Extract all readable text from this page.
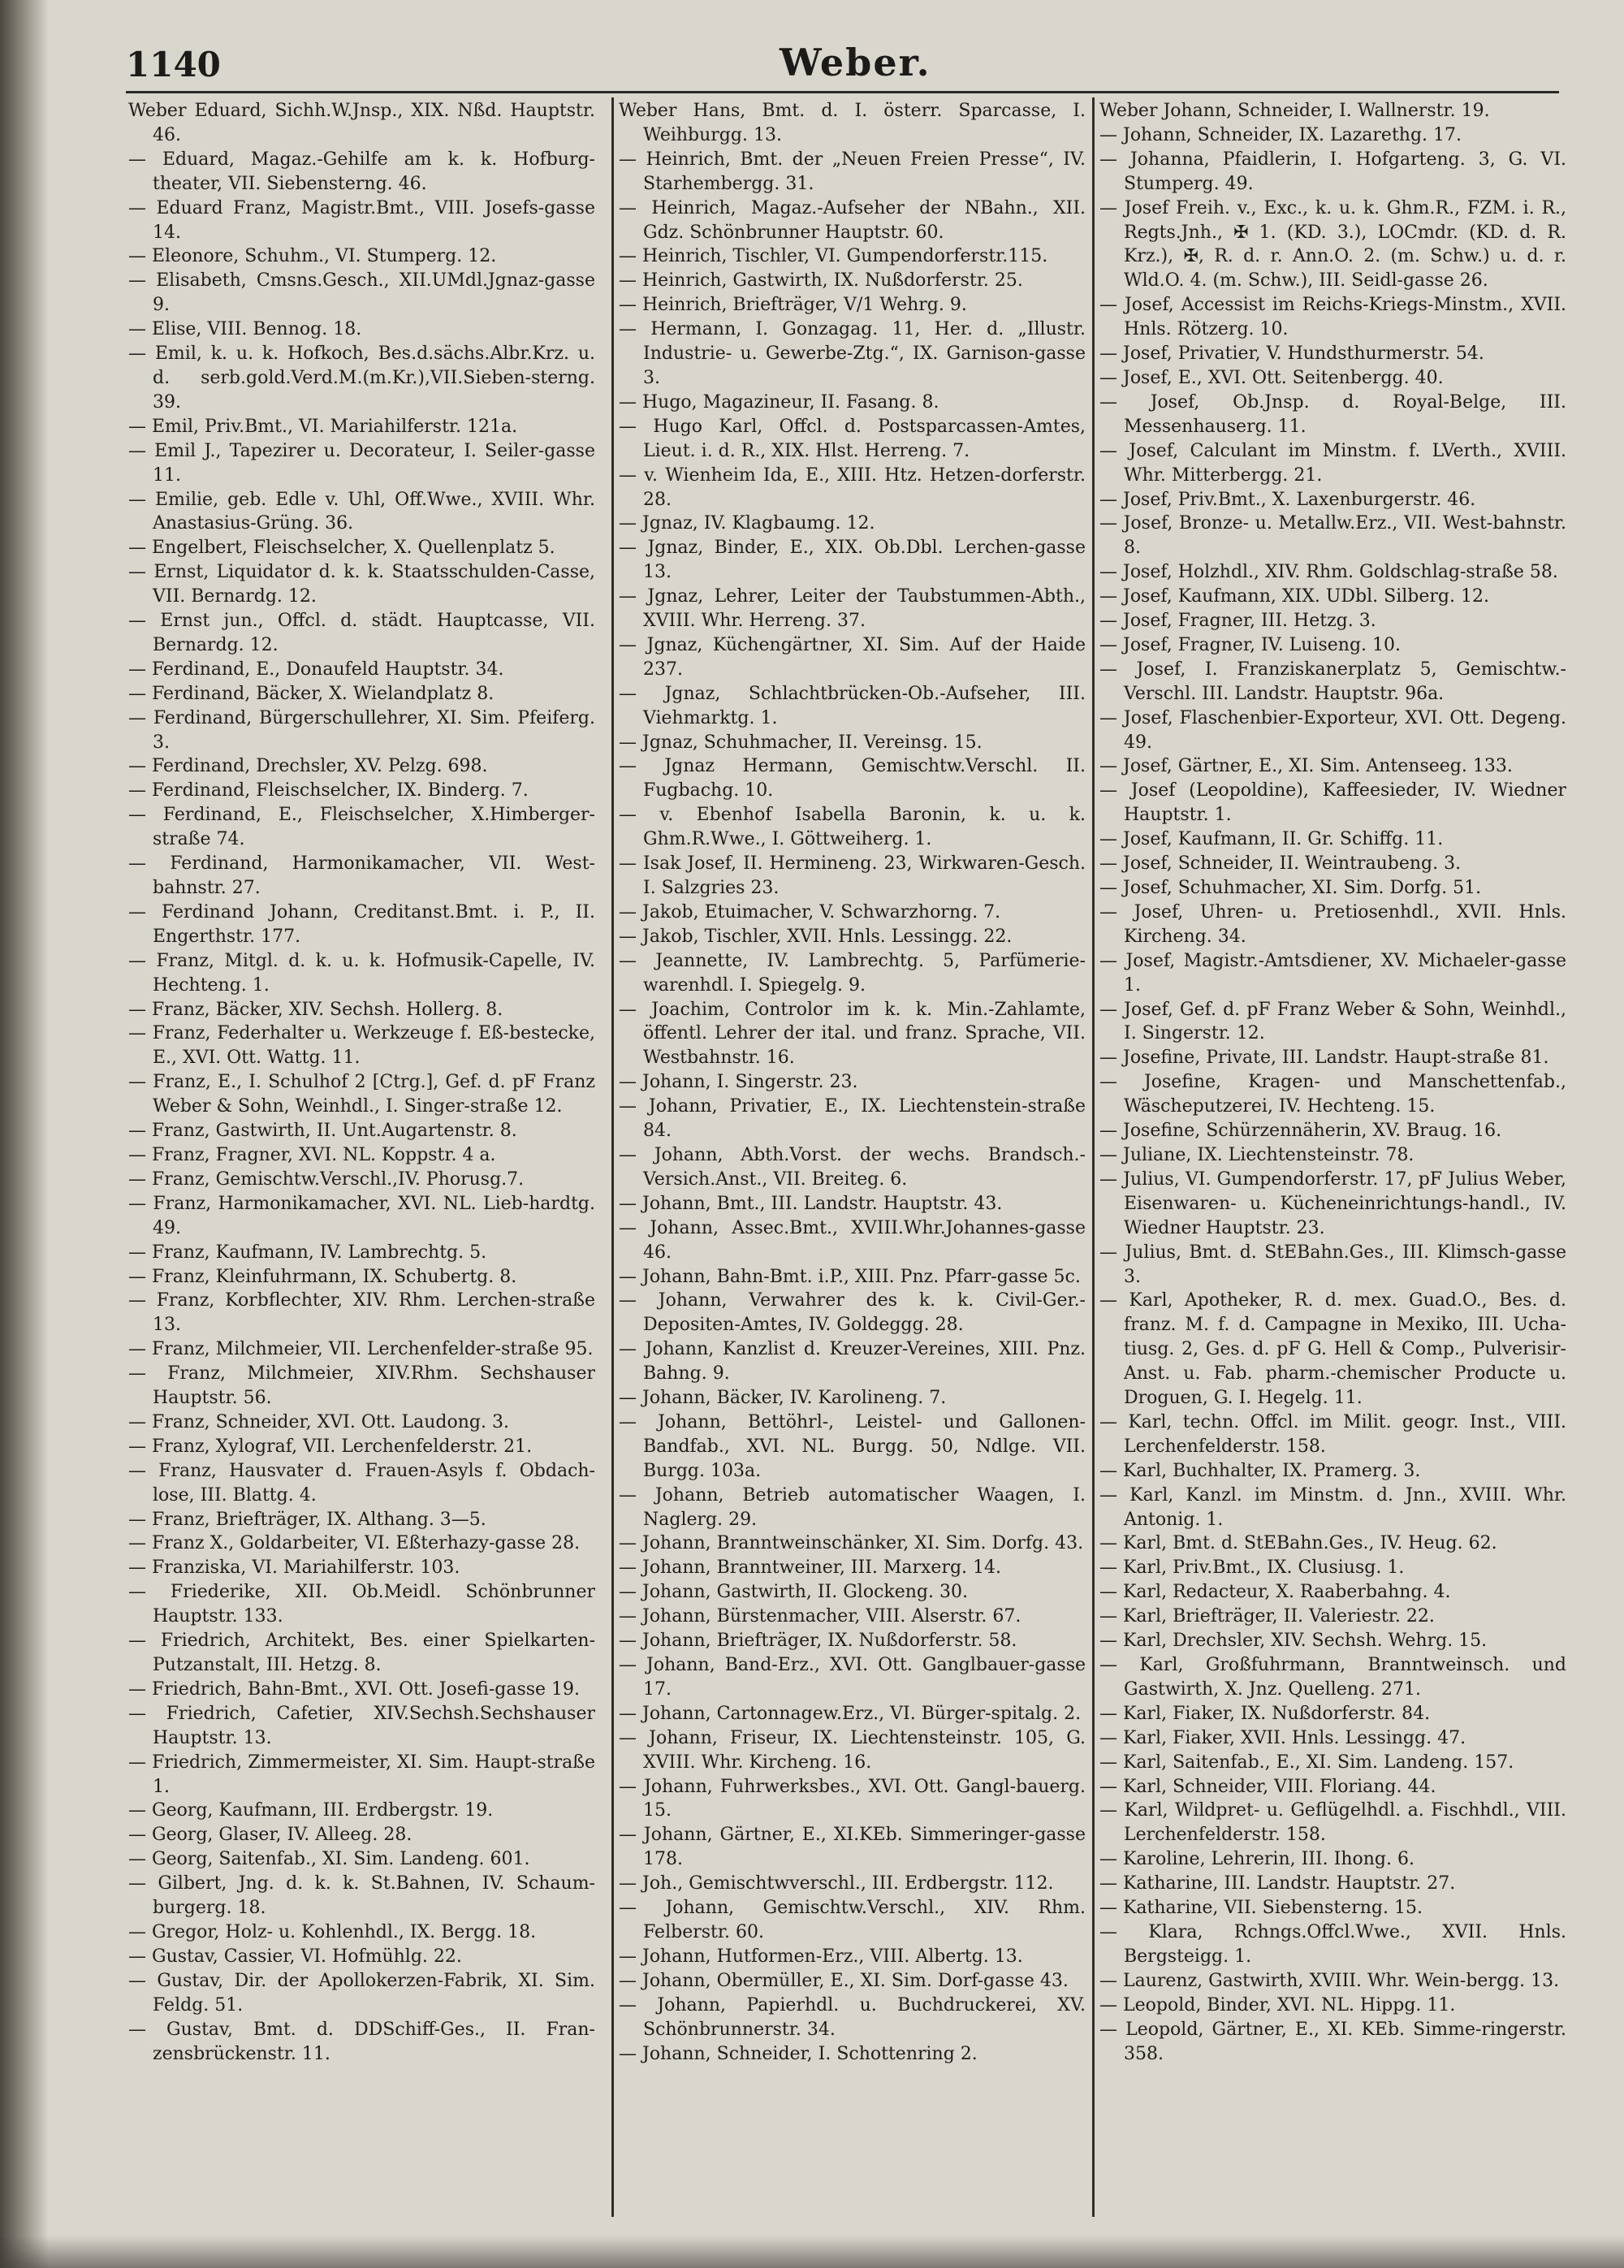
1140	Weber.

Weber Eduard, Sichh.W.Jnsp., XIX. Nßd. Hauptstr. 46.

— Eduard, Magaz.-Gehilfe am k. k. Hofburg-theater, VII. Siebensterng. 46.

— Eduard Franz, Magistr.Bmt., VIII. Josefs-gasse 14.

— Eleonore, Schuhm., VI. Stumperg. 12.

— Elisabeth, Cmsns.Gesch., XII.UMdl.Jgnaz-gasse 9.

— Elise, VIII. Bennog. 18.

— Emil, k. u. k. Hofkoch, Bes.d.sächs.Albr.Krz. u. d. serb.gold.Verd.M.(m.Kr.),VII.Sieben-sterng. 39.

— Emil, Priv.Bmt., VI. Mariahilferstr. 121a.

— Emil J., Tapezirer u. Decorateur, I. Seiler-gasse 11.

— Emilie, geb. Edle v. Uhl, Off.Wwe., XVIII. Whr. Anastasius-Grüng. 36.

— Engelbert, Fleischselcher, X. Quellenplatz 5.

— Ernst, Liquidator d. k. k. Staatsschulden-Casse, VII. Bernardg. 12.

— Ernst jun., Offcl. d. städt. Hauptcasse, VII. Bernardg. 12.

— Ferdinand, E., Donaufeld Hauptstr. 34.

— Ferdinand, Bäcker, X. Wielandplatz 8.

— Ferdinand, Bürgerschullehrer, XI. Sim. Pfeiferg. 3.

— Ferdinand, Drechsler, XV. Pelzg. 698.

— Ferdinand, Fleischselcher, IX. Binderg. 7.

— Ferdinand, E., Fleischselcher, X.Himberger-straße 74.

— Ferdinand, Harmonikamacher, VII. West-bahnstr. 27.

— Ferdinand Johann, Creditanst.Bmt. i. P., II. Engerthstr. 177.

— Franz, Mitgl. d. k. u. k. Hofmusik-Capelle, IV. Hechteng. 1.

— Franz, Bäcker, XIV. Sechsh. Hollerg. 8.

— Franz, Federhalter u. Werkzeuge f. Eß-bestecke, E., XVI. Ott. Wattg. 11.

— Franz, E., I. Schulhof 2 [Ctrg.], Gef. d. pF Franz Weber & Sohn, Weinhdl., I. Singer-straße 12.

— Franz, Gastwirth, II. Unt.Augartenstr. 8.

— Franz, Fragner, XVI. NL. Koppstr. 4 a.

— Franz, Gemischtw.Verschl.,IV. Phorusg.7.

— Franz, Harmonikamacher, XVI. NL. Lieb-hardtg. 49.

— Franz, Kaufmann, IV. Lambrechtg. 5.

— Franz, Kleinfuhrmann, IX. Schubertg. 8.

— Franz, Korbflechter, XIV. Rhm. Lerchen-straße 13.

— Franz, Milchmeier, VII. Lerchenfelder-straße 95.

— Franz, Milchmeier, XIV.Rhm. Sechshauser Hauptstr. 56.

— Franz, Schneider, XVI. Ott. Laudong. 3.

— Franz, Xylograf, VII. Lerchenfelderstr. 21.

— Franz, Hausvater d. Frauen-Asyls f. Obdach-lose, III. Blattg. 4.

— Franz, Briefträger, IX. Althang. 3—5.

— Franz X., Goldarbeiter, VI. Eßterhazy-gasse 28.

— Franziska, VI. Mariahilferstr. 103.

— Friederike, XII. Ob.Meidl. Schönbrunner Hauptstr. 133.

— Friedrich, Architekt, Bes. einer Spielkarten-Putzanstalt, III. Hetzg. 8.

— Friedrich, Bahn-Bmt., XVI. Ott. Josefi-gasse 19.

— Friedrich, Cafetier, XIV.Sechsh.Sechshauser Hauptstr. 13.

— Friedrich, Zimmermeister, XI. Sim. Haupt-straße 1.

— Georg, Kaufmann, III. Erdbergstr. 19.

— Georg, Glaser, IV. Alleeg. 28.

— Georg, Saitenfab., XI. Sim. Landeng. 601.

— Gilbert, Jng. d. k. k. St.Bahnen, IV. Schaum-burgerg. 18.

— Gregor, Holz- u. Kohlenhdl., IX. Bergg. 18.

— Gustav, Cassier, VI. Hofmühlg. 22.

— Gustav, Dir. der Apollokerzen-Fabrik, XI. Sim. Feldg. 51.

— Gustav, Bmt. d. DDSchiff-Ges., II. Fran-zensbrückenstr. 11.

Weber Hans, Bmt. d. I. österr. Sparcasse, I. Weihburgg. 13.

— Heinrich, Bmt. der „Neuen Freien Presse“, IV. Starhembergg. 31.

— Heinrich, Magaz.-Aufseher der NBahn., XII. Gdz. Schönbrunner Hauptstr. 60.

— Heinrich, Tischler, VI. Gumpendorferstr.115.

— Heinrich, Gastwirth, IX. Nußdorferstr. 25.

— Heinrich, Briefträger, V/1 Wehrg. 9.

— Hermann, I. Gonzagag. 11, Her. d. „Illustr. Industrie- u. Gewerbe-Ztg.“, IX. Garnison-gasse 3.

— Hugo, Magazineur, II. Fasang. 8.

— Hugo Karl, Offcl. d. Postsparcassen-Amtes, Lieut. i. d. R., XIX. Hlst. Herreng. 7.

— v. Wienheim Ida, E., XIII. Htz. Hetzen-dorferstr. 28.

— Jgnaz, IV. Klagbaumg. 12.

— Jgnaz, Binder, E., XIX. Ob.Dbl. Lerchen-gasse 13.

— Jgnaz, Lehrer, Leiter der Taubstummen-Abth., XVIII. Whr. Herreng. 37.

— Jgnaz, Küchengärtner, XI. Sim. Auf der Haide 237.

— Jgnaz, Schlachtbrücken-Ob.-Aufseher, III. Viehmarktg. 1.

— Jgnaz, Schuhmacher, II. Vereinsg. 15.

— Jgnaz Hermann, Gemischtw.Verschl. II. Fugbachg. 10.

— v. Ebenhof Isabella Baronin, k. u. k. Ghm.R.Wwe., I. Göttweiherg. 1.

— Isak Josef, II. Hermineng. 23, Wirkwaren-Gesch. I. Salzgries 23.

— Jakob, Etuimacher, V. Schwarzhorng. 7.

— Jakob, Tischler, XVII. Hnls. Lessingg. 22.

— Jeannette, IV. Lambrechtg. 5, Parfümerie-warenhdl. I. Spiegelg. 9.

— Joachim, Controlor im k. k. Min.-Zahlamte, öffentl. Lehrer der ital. und franz. Sprache, VII. Westbahnstr. 16.

— Johann, I. Singerstr. 23.

— Johann, Privatier, E., IX. Liechtenstein-straße 84.

— Johann, Abth.Vorst. der wechs. Brandsch.-Versich.Anst., VII. Breiteg. 6.

— Johann, Bmt., III. Landstr. Hauptstr. 43.

— Johann, Assec.Bmt., XVIII.Whr.Johannes-gasse 46.

— Johann, Bahn-Bmt. i.P., XIII. Pnz. Pfarr-gasse 5c.

— Johann, Verwahrer des k. k. Civil-Ger.-Depositen-Amtes, IV. Goldeggg. 28.

— Johann, Kanzlist d. Kreuzer-Vereines, XIII. Pnz. Bahng. 9.

— Johann, Bäcker, IV. Karolineng. 7.

— Johann, Bettöhrl-, Leistel- und Gallonen-Bandfab., XVI. NL. Burgg. 50, Ndlge. VII. Burgg. 103a.

— Johann, Betrieb automatischer Waagen, I. Naglerg. 29.

— Johann, Branntweinschänker, XI. Sim. Dorfg. 43.

— Johann, Branntweiner, III. Marxerg. 14.

— Johann, Gastwirth, II. Glockeng. 30.

— Johann, Bürstenmacher, VIII. Alserstr. 67.

— Johann, Briefträger, IX. Nußdorferstr. 58.

— Johann, Band-Erz., XVI. Ott. Ganglbauer-gasse 17.

— Johann, Cartonnagew.Erz., VI. Bürger-spitalg. 2.

— Johann, Friseur, IX. Liechtensteinstr. 105, G. XVIII. Whr. Kircheng. 16.

— Johann, Fuhrwerksbes., XVI. Ott. Gangl-bauerg. 15.

— Johann, Gärtner, E., XI.KEb. Simmeringer-gasse 178.

— Joh., Gemischtwverschl., III. Erdbergstr. 112.

— Johann, Gemischtw.Verschl., XIV. Rhm. Felberstr. 60.

— Johann, Hutformen-Erz., VIII. Albertg. 13.

— Johann, Obermüller, E., XI. Sim. Dorf-gasse 43.

— Johann, Papierhdl. u. Buchdruckerei, XV. Schönbrunnerstr. 34.

— Johann, Schneider, I. Schottenring 2.

Weber Johann, Schneider, I. Wallnerstr. 19.

— Johann, Schneider, IX. Lazarethg. 17.

— Johanna, Pfaidlerin, I. Hofgarteng. 3, G. VI. Stumperg. 49.

— Josef Freih. v., Exc., k. u. k. Ghm.R., FZM. i. R., Regts.Jnh., ✠ 1. (KD. 3.), LOCmdr. (KD. d. R. Krz.), ✠, R. d. r. Ann.O. 2. (m. Schw.) u. d. r. Wld.O. 4. (m. Schw.), III. Seidl-gasse 26.

— Josef, Accessist im Reichs-Kriegs-Minstm., XVII. Hnls. Rötzerg. 10.

— Josef, Privatier, V. Hundsthurmerstr. 54.

— Josef, E., XVI. Ott. Seitenbergg. 40.

— Josef, Ob.Jnsp. d. Royal-Belge, III. Messenhauserg. 11.

— Josef, Calculant im Minstm. f. LVerth., XVIII. Whr. Mitterbergg. 21.

— Josef, Priv.Bmt., X. Laxenburgerstr. 46.

— Josef, Bronze- u. Metallw.Erz., VII. West-bahnstr. 8.

— Josef, Holzhdl., XIV. Rhm. Goldschlag-straße 58.

— Josef, Kaufmann, XIX. UDbl. Silberg. 12.

— Josef, Fragner, III. Hetzg. 3.

— Josef, Fragner, IV. Luiseng. 10.

— Josef, I. Franziskanerplatz 5, Gemischtw.-Verschl. III. Landstr. Hauptstr. 96a.

— Josef, Flaschenbier-Exporteur, XVI. Ott. Degeng. 49.

— Josef, Gärtner, E., XI. Sim. Antenseeg. 133.

— Josef (Leopoldine), Kaffeesieder, IV. Wiedner Hauptstr. 1.

— Josef, Kaufmann, II. Gr. Schiffg. 11.

— Josef, Schneider, II. Weintraubeng. 3.

— Josef, Schuhmacher, XI. Sim. Dorfg. 51.

— Josef, Uhren- u. Pretiosenhdl., XVII. Hnls. Kircheng. 34.

— Josef, Magistr.-Amtsdiener, XV. Michaeler-gasse 1.

— Josef, Gef. d. pF Franz Weber & Sohn, Weinhdl., I. Singerstr. 12.

— Josefine, Private, III. Landstr. Haupt-straße 81.

— Josefine, Kragen- und Manschettenfab., Wäscheputzerei, IV. Hechteng. 15.

— Josefine, Schürzennäherin, XV. Braug. 16.

— Juliane, IX. Liechtensteinstr. 78.

— Julius, VI. Gumpendorferstr. 17, pF Julius Weber, Eisenwaren- u. Kücheneinrichtungs-handl., IV. Wiedner Hauptstr. 23.

— Julius, Bmt. d. StEBahn.Ges., III. Klimsch-gasse 3.

— Karl, Apotheker, R. d. mex. Guad.O., Bes. d. franz. M. f. d. Campagne in Mexiko, III. Ucha-tiusg. 2, Ges. d. pF G. Hell & Comp., Pulverisir-Anst. u. Fab. pharm.-chemischer Producte u. Droguen, G. I. Hegelg. 11.

— Karl, techn. Offcl. im Milit. geogr. Inst., VIII. Lerchenfelderstr. 158.

— Karl, Buchhalter, IX. Pramerg. 3.

— Karl, Kanzl. im Minstm. d. Jnn., XVIII. Whr. Antonig. 1.

— Karl, Bmt. d. StEBahn.Ges., IV. Heug. 62.

— Karl, Priv.Bmt., IX. Clusiusg. 1.

— Karl, Redacteur, X. Raaberbahng. 4.

— Karl, Briefträger, II. Valeriestr. 22.

— Karl, Drechsler, XIV. Sechsh. Wehrg. 15.

— Karl, Großfuhrmann, Branntweinsch. und Gastwirth, X. Jnz. Quelleng. 271.

— Karl, Fiaker, IX. Nußdorferstr. 84.

— Karl, Fiaker, XVII. Hnls. Lessingg. 47.

— Karl, Saitenfab., E., XI. Sim. Landeng. 157.

— Karl, Schneider, VIII. Floriang. 44.

— Karl, Wildpret- u. Geflügelhdl. a. Fischhdl., VIII. Lerchenfelderstr. 158.

— Karoline, Lehrerin, III. Ihong. 6.

— Katharine, III. Landstr. Hauptstr. 27.

— Katharine, VII. Siebensterng. 15.

— Klara, Rchngs.Offcl.Wwe., XVII. Hnls. Bergsteigg. 1.

— Laurenz, Gastwirth, XVIII. Whr. Wein-bergg. 13.

— Leopold, Binder, XVI. NL. Hippg. 11.

— Leopold, Gärtner, E., XI. KEb. Simme-ringerstr. 358.
